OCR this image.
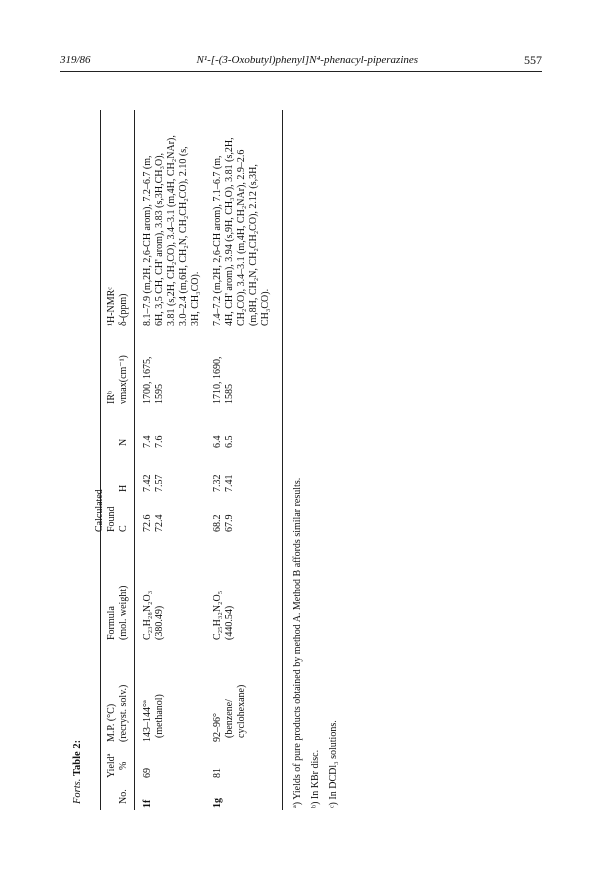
319/86	N¹-[-(3-Oxobutyl)phenyl]N⁴-phenacyl-piperazines	557
Forts. Table 2:
No.
Yieldª %
M.P. (°C) (recryst. solv.)
Formula (mol. weight)
Calculated Found C
H
N
IRᵇ νmax(cm⁻¹)
¹H-NMRᶜ δ-(ppm)
1f
69
143–144°ª (methanol)
C₂₃H₂₈N₂O₃ (380.49)
72.6
7.42
7.4
72.4
7.57
7.6
1700, 1675, 1595
8.1–7.9 (m,2H, 2,6-CH arom), 7.2–6.7 (m, 6H, 3,5 CH, CH' arom), 3.83 (s,3H,CH₃O), 3.81 (s,2H, CH₂CO), 3.4–3.1 (m,4H, CH₂NAr), 3.0–2.4 (m,6H, CH₂N, CH₂CH₂CO), 2.10 (s, 3H, CH₃CO).
1g
81
92–96° (benzene/ cyclohexane)
C₂₅H₃₂N₂O₅ (440.54)
68.2
7.32
6.4
67.9
7.41
6.5
1710, 1690, 1585
7.4–7.2 (m,2H, 2,6-CH arom), 7.1–6.7 (m, 4H, CH' arom), 3.94 (s,9H, CH₃O), 3.81 (s,2H, CH₂CO), 3.4–3.1 (m,4H, CH₂NAr), 2.9–2.6 (m,8H, CH₂N, CH₂CH₂CO), 2.12 (s,3H, CH₃CO).
ª) Yields of pure products obtained by method A. Method B affords similar results. ᵇ) In KBr disc. ᶜ) In DCDl₃ solutions.
